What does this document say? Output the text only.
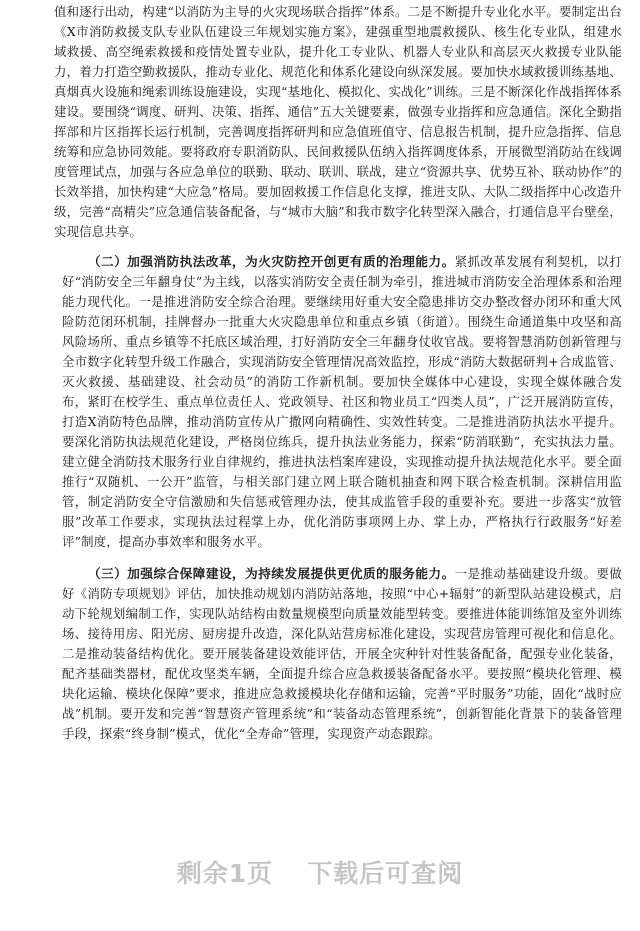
值和逐行出动，构建“以消防为主导的火灾现场联合指挥”体系。二是不断提升专业化水平。要制定出台《X市消防救援支队专业队伍建设三年规划实施方案》，建强重型地震救援队、核生化专业队，组建水域救援、高空绳索救援和疫情处置专业队，提升化工专业队、机器人专业队和高层灭火救援专业队能力，着力打造空勤救援队，推动专业化、规范化和体系化建设向纵深发展。要加快水域救援训练基地、真烟真火设施和绳索训练设施建设，实现“基地化、模拟化、实战化”训练。三是不断深化作战指挥体系建设。要围绕“调度、研判、决策、指挥、通信”五大关键要素，做强专业指挥和应急通信。深化全勤指挥部和片区指挥长运行机制，完善调度指挥研判和应急值班值守、信息报告机制，提升应急指挥、信息统筹和应急协同效能。要将政府专职消防队、民间救援队伍纳入指挥调度体系，开展微型消防站在线调度管理试点，加强与各应急单位的联勤、联动、联训、联战，建立“资源共享、优势互补、联动协作”的长效举措，加快构建“大应急”格局。要加固救援工作信息化支撑，推进支队、大队二级指挥中心改造升级，完善“高精尖”应急通信装备配备，与“城市大脑”和我市数字化转型深入融合，打通信息平台壁垒，实现信息共享。

（二）加强消防执法改革，为火灾防控开创更有质的治理能力。紧抓改革发展有利契机，以打好“消防安全三年翻身仗”为主线，以落实消防安全责任制为牵引，推进城市消防安全治理体系和治理能力现代化。一是推进消防安全综合治理。要继续用好重大安全隐患排访交办整改督办闭环和重大风险防范闭环机制，挂牌督办一批重大火灾隐患单位和重点乡镇（街道）。围绕生命通道集中攻坚和高风险场所、重点乡镇等不托底区域治理，打好消防安全三年翻身仗收官战。要将智慧消防创新管理与全市数字化转型升级工作融合，实现消防安全管理情况高效监控，形成“消防大数据研判+合成监管、灭火救援、基础建设、社会动员”的消防工作新机制。要加快全媒体中心建设，实现全媒体融合发布，紧盯在校学生、重点单位责任人、党政领导、社区和物业员工“四类人员”，广泛开展消防宣传，打造X消防特色品牌，推动消防宣传从广撒网向精确性、实效性转变。二是推进消防执法水平提升。要深化消防执法规范化建设，严格岗位练兵，提升执法业务能力，探索“防消联勤”，充实执法力量。建立健全消防技术服务行业自律规约，推进执法档案库建设，实现推动提升执法规范化水平。要全面推行“双随机、一公开”监管，与相关部门建立网上联合随机抽查和网下联合检查机制。深耕信用监管，制定消防安全守信激励和失信惩戒管理办法，使其成监管手段的重要补充。要进一步落实“放管服”改革工作要求，实现执法过程掌上办，优化消防事项网上办、掌上办，严格执行行政服务“好差评”制度，提高办事效率和服务水平。

（三）加强综合保障建设，为持续发展提供更优质的服务能力。一是推动基础建设升级。要做好《消防专项规划》评估，加快推动规划内消防站落地，按照“中心+辐射”的新型队站建设模式，启动下轮规划编制工作，实现队站结构由数量规模型向质量效能型转变。要推进体能训练馆及室外训练场、接待用房、阳光房、厨房提升改造，深化队站营房标准化建设，实现营房管理可视化和信息化。二是推动装备结构优化。要开展装备建设效能评估，开展全灾种针对性装备配备，配强专业化装备，配齐基础类器材，配优攻坚类车辆，全面提升综合应急救援装备配备水平。要按照“模块化管理、模块化运输、模块化保障”要求，推进应急救援模块化存储和运输，完善“平时服务”功能，固化“战时应战”机制。要开发和完善“智慧资产管理系统”和“装备动态管理系统”，创新智能化背景下的装备管理手段，探索“终身制”模式，优化“全寿命”管理，实现资产动态跟踪。

剩余1页 下载后可查阅
